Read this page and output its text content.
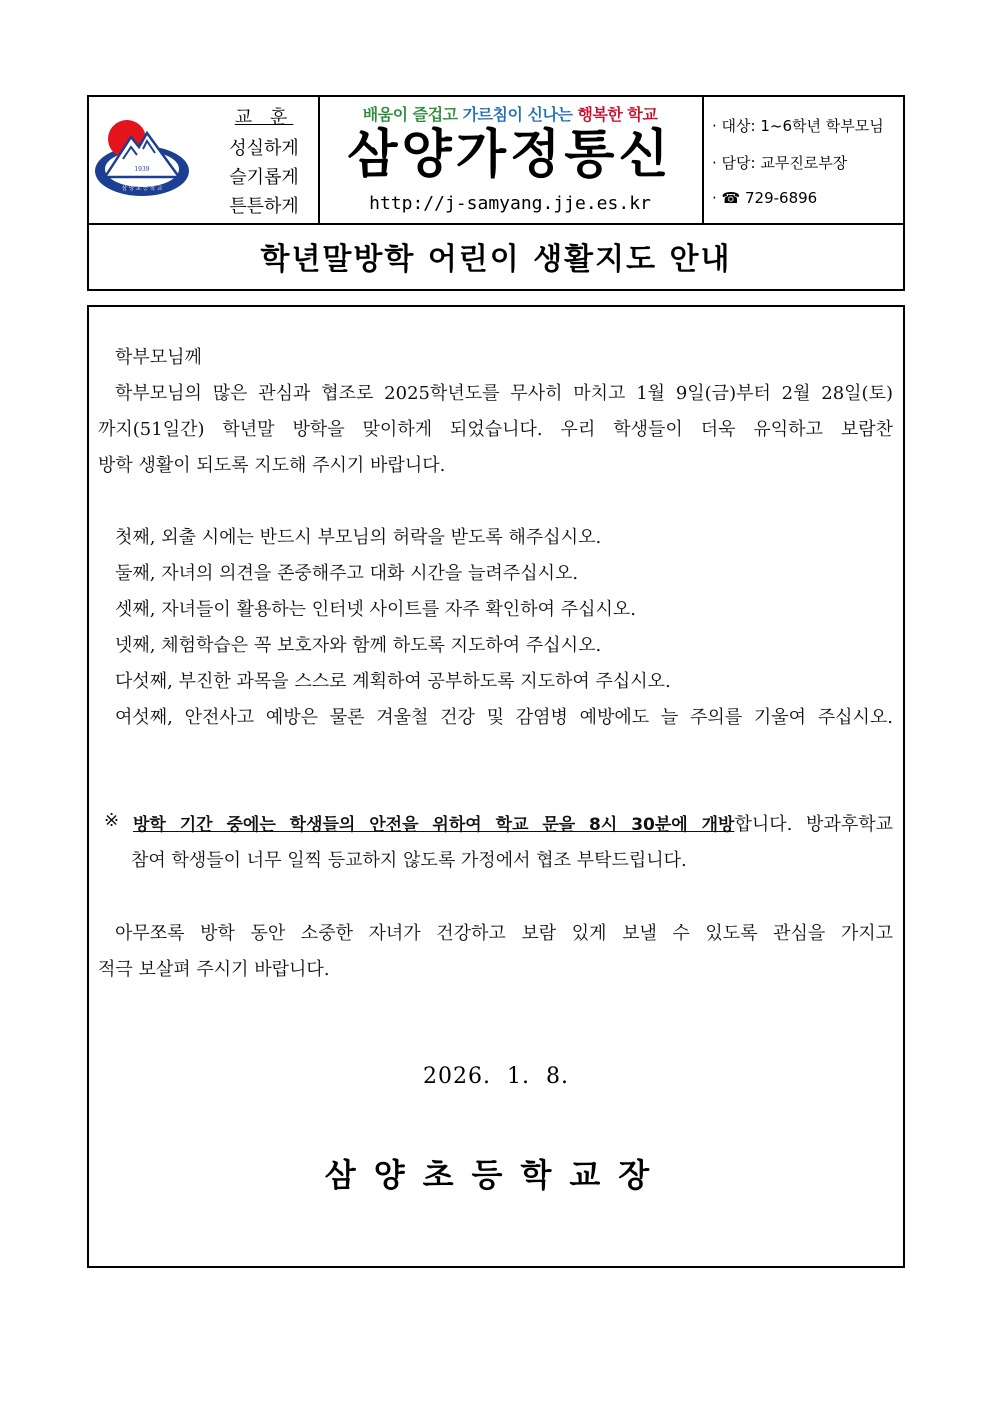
1939
삼 양 초 등 학 교
교 훈
성실하게
슬기롭게
튼튼하게
배움이 즐겁고 가르침이 신나는 행복한 학교
삼양가정통신
http://j-samyang.jje.es.kr
· 대상: 1~6학년 학부모님
· 담당: 교무진로부장
· ☎ 729-6896
학년말방학 어린이 생활지도 안내
학부모님께
학부모님의 많은 관심과 협조로 2025학년도를 무사히 마치고 1월 9일(금)부터 2월 28일(토)
까지(51일간) 학년말 방학을 맞이하게 되었습니다. 우리 학생들이 더욱 유익하고 보람찬
방학 생활이 되도록 지도해 주시기 바랍니다.
첫째, 외출 시에는 반드시 부모님의 허락을 받도록 해주십시오.
둘째, 자녀의 의견을 존중해주고 대화 시간을 늘려주십시오.
셋째, 자녀들이 활용하는 인터넷 사이트를 자주 확인하여 주십시오.
넷째, 체험학습은 꼭 보호자와 함께 하도록 지도하여 주십시오.
다섯째, 부진한 과목을 스스로 계획하여 공부하도록 지도하여 주십시오.
여섯째, 안전사고 예방은 물론 겨울철 건강 및 감염병 예방에도 늘 주의를 기울여 주십시오.
※ 방학 기간 중에는 학생들의 안전을 위하여 학교 문을 8시 30분에 개방합니다. 방과후학교
참여 학생들이 너무 일찍 등교하지 않도록 가정에서 협조 부탁드립니다.
아무쪼록 방학 동안 소중한 자녀가 건강하고 보람 있게 보낼 수 있도록 관심을 가지고
적극 보살펴 주시기 바랍니다.
2026.  1.  8.
삼양초등학교장
